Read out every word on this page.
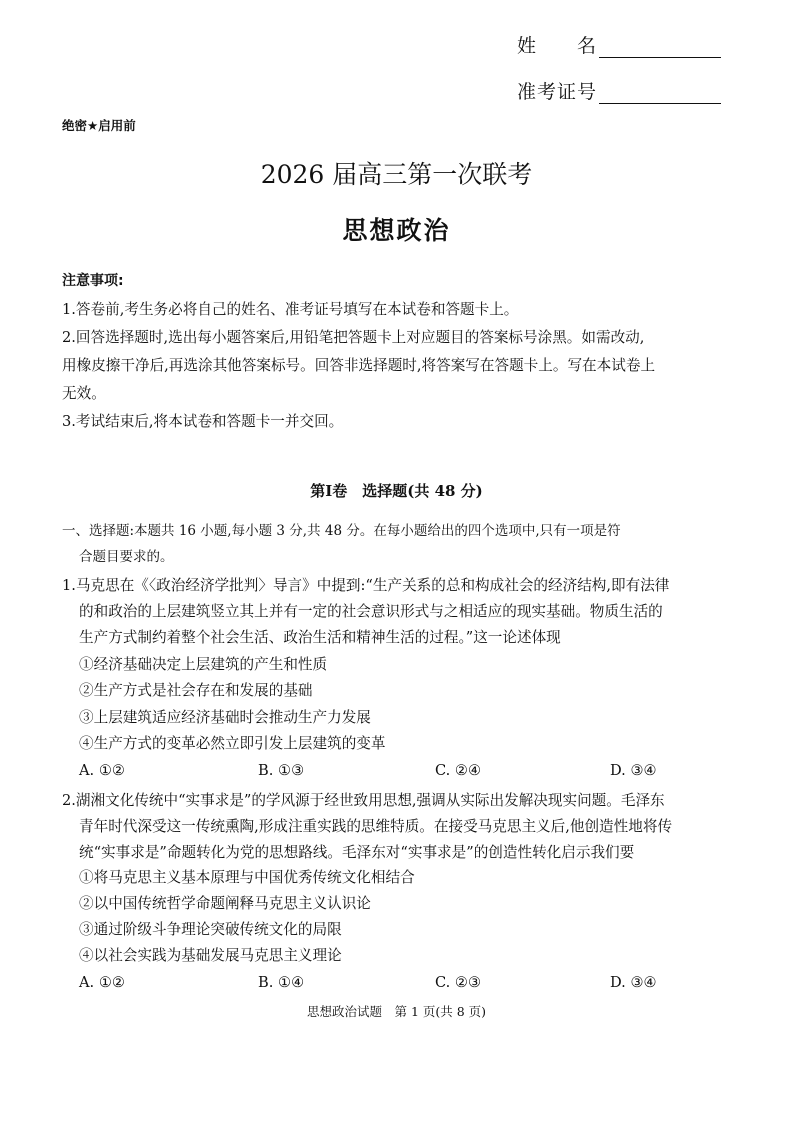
姓　　名
准考证号
绝密★启用前
2026 届高三第一次联考
思想政治
注意事项:
1.答卷前,考生务必将自己的姓名、准考证号填写在本试卷和答题卡上。
2.回答选择题时,选出每小题答案后,用铅笔把答题卡上对应题目的答案标号涂黑。如需改动,
用橡皮擦干净后,再选涂其他答案标号。回答非选择题时,将答案写在答题卡上。写在本试卷上
无效。
3.考试结束后,将本试卷和答题卡一并交回。
第Ⅰ卷　选择题(共 48 分)
一、选择题:本题共 16 小题,每小题 3 分,共 48 分。在每小题给出的四个选项中,只有一项是符
合题目要求的。
1.马克思在《〈政治经济学批判〉导言》中提到:“生产关系的总和构成社会的经济结构,即有法律
的和政治的上层建筑竖立其上并有一定的社会意识形式与之相适应的现实基础。物质生活的
生产方式制约着整个社会生活、政治生活和精神生活的过程。”这一论述体现
①经济基础决定上层建筑的产生和性质
②生产方式是社会存在和发展的基础
③上层建筑适应经济基础时会推动生产力发展
④生产方式的变革必然立即引发上层建筑的变革
A. ①②	B. ①③	C. ②④	D. ③④
2.湖湘文化传统中“实事求是”的学风源于经世致用思想,强调从实际出发解决现实问题。毛泽东
青年时代深受这一传统熏陶,形成注重实践的思维特质。在接受马克思主义后,他创造性地将传
统“实事求是”命题转化为党的思想路线。毛泽东对“实事求是”的创造性转化启示我们要
①将马克思主义基本原理与中国优秀传统文化相结合
②以中国传统哲学命题阐释马克思主义认识论
③通过阶级斗争理论突破传统文化的局限
④以社会实践为基础发展马克思主义理论
A. ①②	B. ①④	C. ②③	D. ③④
思想政治试题　第 1 页(共 8 页)
